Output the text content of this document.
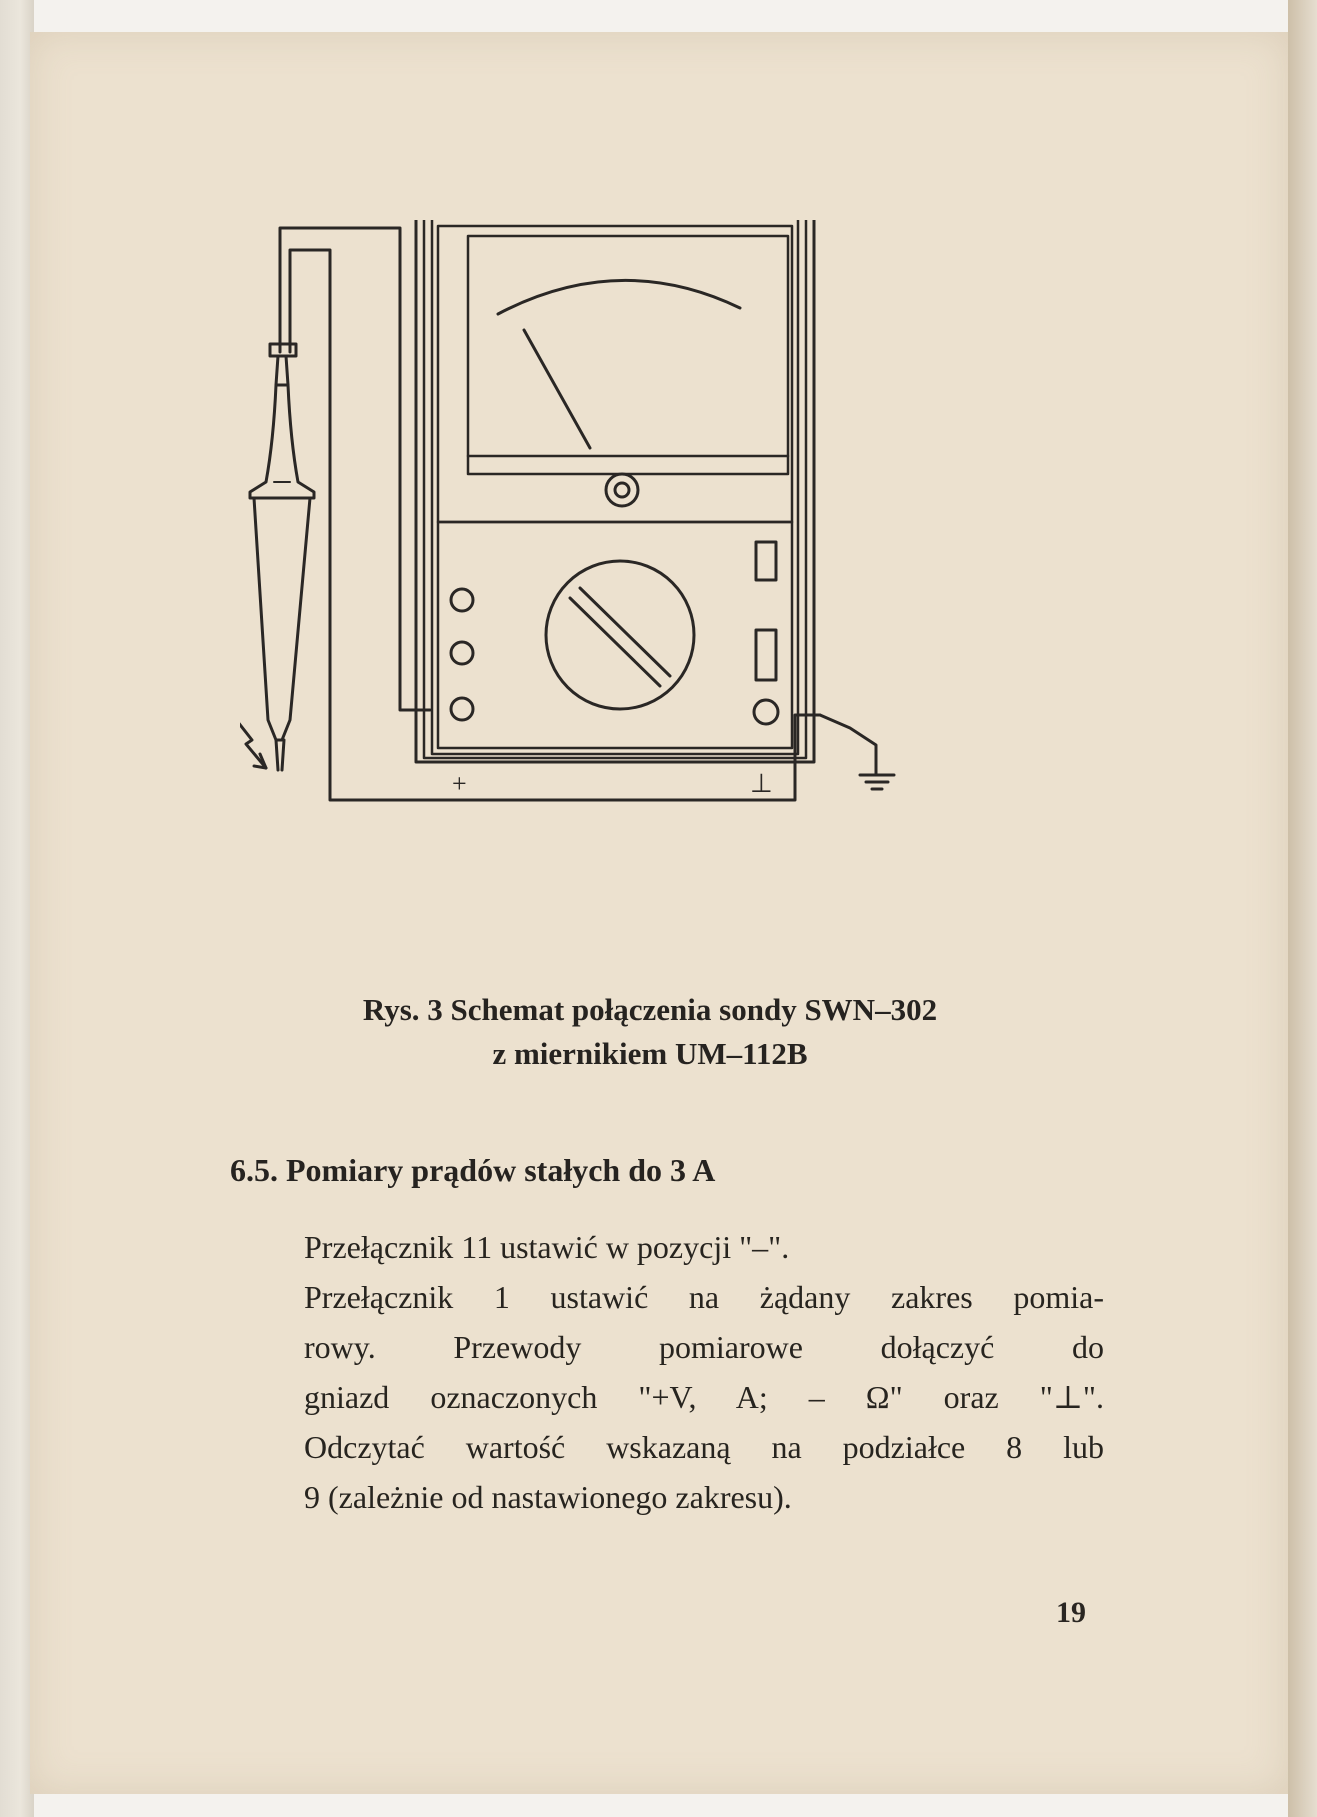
+	⊥
Rys. 3 Schemat połączenia sondy SWN–302
z miernikiem UM–112B
6.5. Pomiary prądów stałych do 3 A
Przełącznik 11 ustawić w pozycji "–".
Przełącznik 1 ustawić na żądany zakres pomia-
rowy. Przewody pomiarowe dołączyć do
gniazd oznaczonych "+V, A; – Ω" oraz "⊥".
Odczytać wartość wskazaną na podziałce 8 lub
9 (zależnie od nastawionego zakresu).
19
